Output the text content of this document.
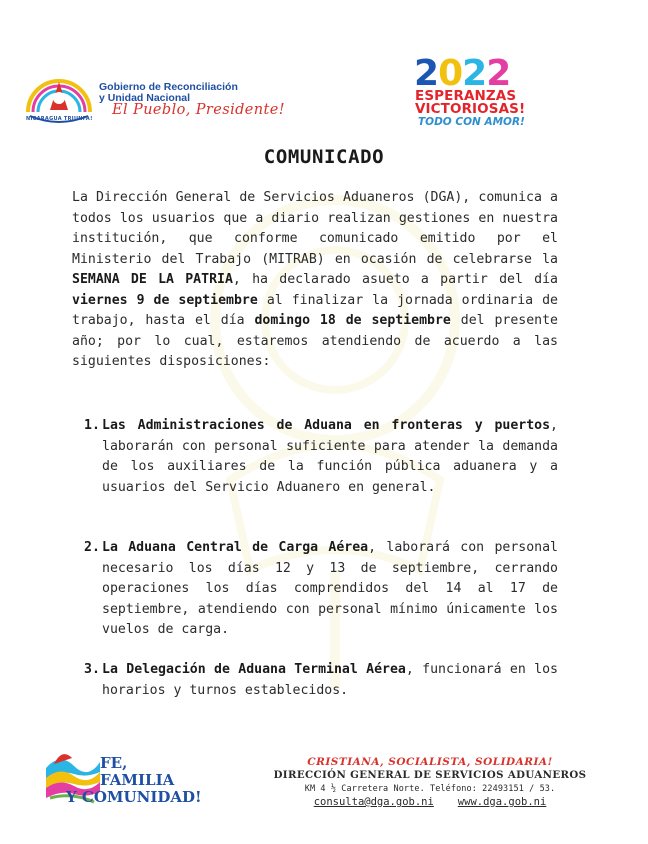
Gobierno de Reconciliación
y Unidad Nacional
El Pueblo, Presidente!
NICARAGUA TRIUNFA!
2022
ESPERANZAS
VICTORIOSAS!
TODO CON AMOR!
COMUNICADO
La Dirección General de Servicios Aduaneros (DGA), comunica a todos los usuarios que a diario realizan gestiones en nuestra institución, que conforme comunicado emitido por el Ministerio del Trabajo (MITRAB) en ocasión de celebrarse la SEMANA DE LA PATRIA, ha declarado asueto a partir del día viernes 9 de septiembre al finalizar la jornada ordinaria de trabajo, hasta el día domingo 18 de septiembre del presente año; por lo cual, estaremos atendiendo de acuerdo a las siguientes disposiciones:
1. Las Administraciones de Aduana en fronteras y puertos, laborarán con personal suficiente para atender la demanda de los auxiliares de la función pública aduanera y a usuarios del Servicio Aduanero en general.
2. La Aduana Central de Carga Aérea, laborará con personal necesario los días 12 y 13 de septiembre, cerrando operaciones los días comprendidos del 14 al 17 de septiembre, atendiendo con personal mínimo únicamente los vuelos de carga.
3. La Delegación de Aduana Terminal Aérea, funcionará en los horarios y turnos establecidos.
FE,
FAMILIA
Y COMUNIDAD!
CRISTIANA, SOCIALISTA, SOLIDARIA!
DIRECCIÓN GENERAL DE SERVICIOS ADUANEROS
KM 4 ½ Carretera Norte. Teléfono: 22493151 / 53.
consulta@dga.gob.ni www.dga.gob.ni
